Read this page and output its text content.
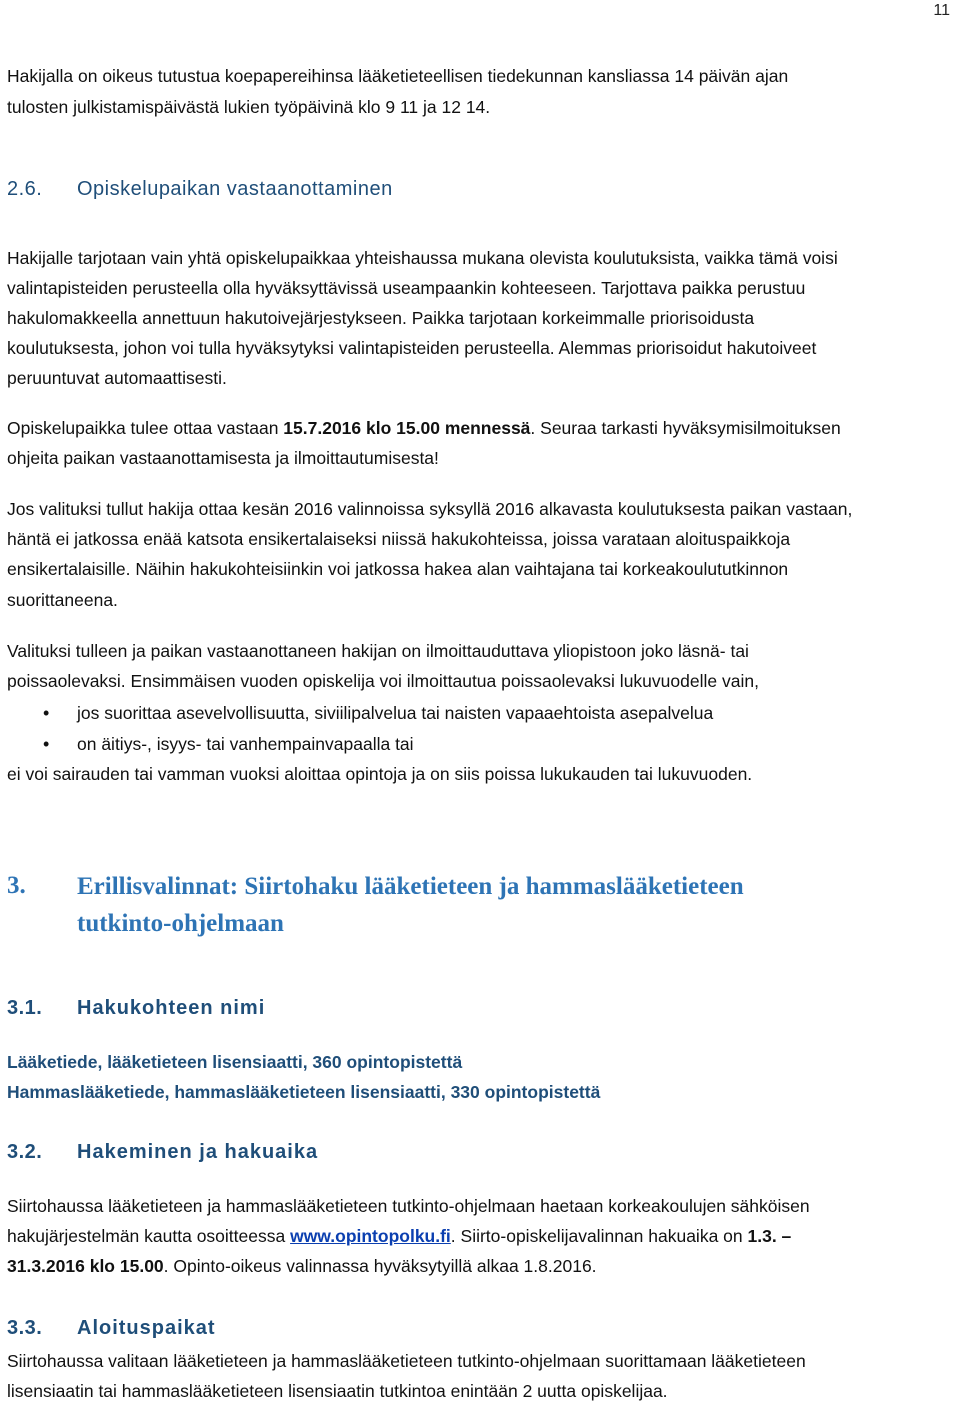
11

Hakijalla on oikeus tutustua koepapereihinsa lääketieteellisen tiedekunnan kansliassa 14 päivän ajan

tulosten julkistamispäivästä lukien työpäivinä klo 9 11 ja 12 14.

2.6. Opiskelupaikan vastaanottaminen

Hakijalle tarjotaan vain yhtä opiskelupaikkaa yhteishaussa mukana olevista koulutuksista, vaikka tämä voisi

valintapisteiden perusteella olla hyväksyttävissä useampaankin kohteeseen. Tarjottava paikka perustuu

hakulomakkeella annettuun hakutoivejärjestykseen. Paikka tarjotaan korkeimmalle priorisoidusta

koulutuksesta, johon voi tulla hyväksytyksi valintapisteiden perusteella. Alemmas priorisoidut hakutoiveet

peruuntuvat automaattisesti.

Opiskelupaikka tulee ottaa vastaan 15.7.2016 klo 15.00 mennessä. Seuraa tarkasti hyväksymisilmoituksen

ohjeita paikan vastaanottamisesta ja ilmoittautumisesta!

Jos valituksi tullut hakija ottaa kesän 2016 valinnoissa syksyllä 2016 alkavasta koulutuksesta paikan vastaan,

häntä ei jatkossa enää katsota ensikertalaiseksi niissä hakukohteissa, joissa varataan aloituspaikkoja

ensikertalaisille. Näihin hakukohteisiinkin voi jatkossa hakea alan vaihtajana tai korkeakoulututkinnon

suorittaneena.

Valituksi tulleen ja paikan vastaanottaneen hakijan on ilmoittauduttava yliopistoon joko läsnä- tai

poissaolevaksi. Ensimmäisen vuoden opiskelija voi ilmoittautua poissaolevaksi lukuvuodelle vain,

• jos suorittaa asevelvollisuutta, siviilipalvelua tai naisten vapaaehtoista asepalvelua

• on äitiys-, isyys- tai vanhempainvapaalla tai

ei voi sairauden tai vamman vuoksi aloittaa opintoja ja on siis poissa lukukauden tai lukuvuoden.

3. Erillisvalinnat: Siirtohaku lääketieteen ja hammaslääketieteen
tutkinto-ohjelmaan
3.1. Hakukohteen nimi

Lääketiede, lääketieteen lisensiaatti, 360 opintopistettä

Hammaslääketiede, hammaslääketieteen lisensiaatti, 330 opintopistettä

3.2. Hakeminen ja hakuaika

Siirtohaussa lääketieteen ja hammaslääketieteen tutkinto-ohjelmaan haetaan korkeakoulujen sähköisen

hakujärjestelmän kautta osoitteessa www.opintopolku.fi. Siirto-opiskelijavalinnan hakuaika on 1.3. –

31.3.2016 klo 15.00. Opinto-oikeus valinnassa hyväksytyillä alkaa 1.8.2016.

3.3. Aloituspaikat

Siirtohaussa valitaan lääketieteen ja hammaslääketieteen tutkinto-ohjelmaan suorittamaan lääketieteen

lisensiaatin tai hammaslääketieteen lisensiaatin tutkintoa enintään 2 uutta opiskelijaa.
